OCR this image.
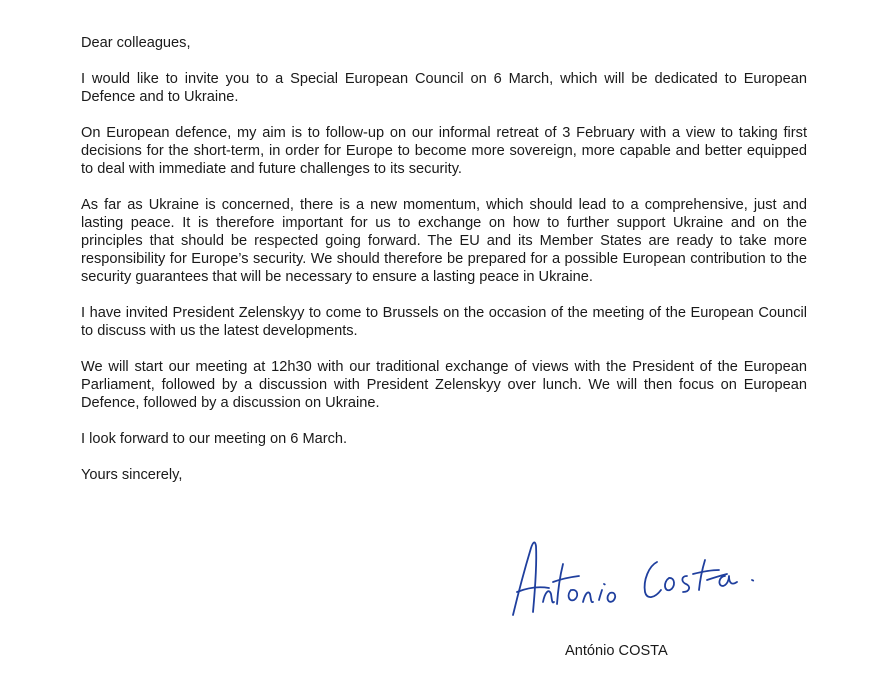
Dear colleagues,

I would like to invite you to a Special European Council on 6 March, which will be dedicated to European Defence and to Ukraine.

On European defence, my aim is to follow-up on our informal retreat of 3 February with a view to taking first decisions for the short-term, in order for Europe to become more sovereign, more capable and better equipped to deal with immediate and future challenges to its security.

As far as Ukraine is concerned, there is a new momentum, which should lead to a comprehensive, just and lasting peace. It is therefore important for us to exchange on how to further support Ukraine and on the principles that should be respected going forward. The EU and its Member States are ready to take more responsibility for Europe’s security. We should therefore be prepared for a possible European contribution to the security guarantees that will be necessary to ensure a lasting peace in Ukraine.

I have invited President Zelenskyy to come to Brussels on the occasion of the meeting of the European Council to discuss with us the latest developments.

We will start our meeting at 12h30 with our traditional exchange of views with the President of the European Parliament, followed by a discussion with President Zelenskyy over lunch. We will then focus on European Defence, followed by a discussion on Ukraine.

I look forward to our meeting on 6 March.

Yours sincerely,

António COSTA
